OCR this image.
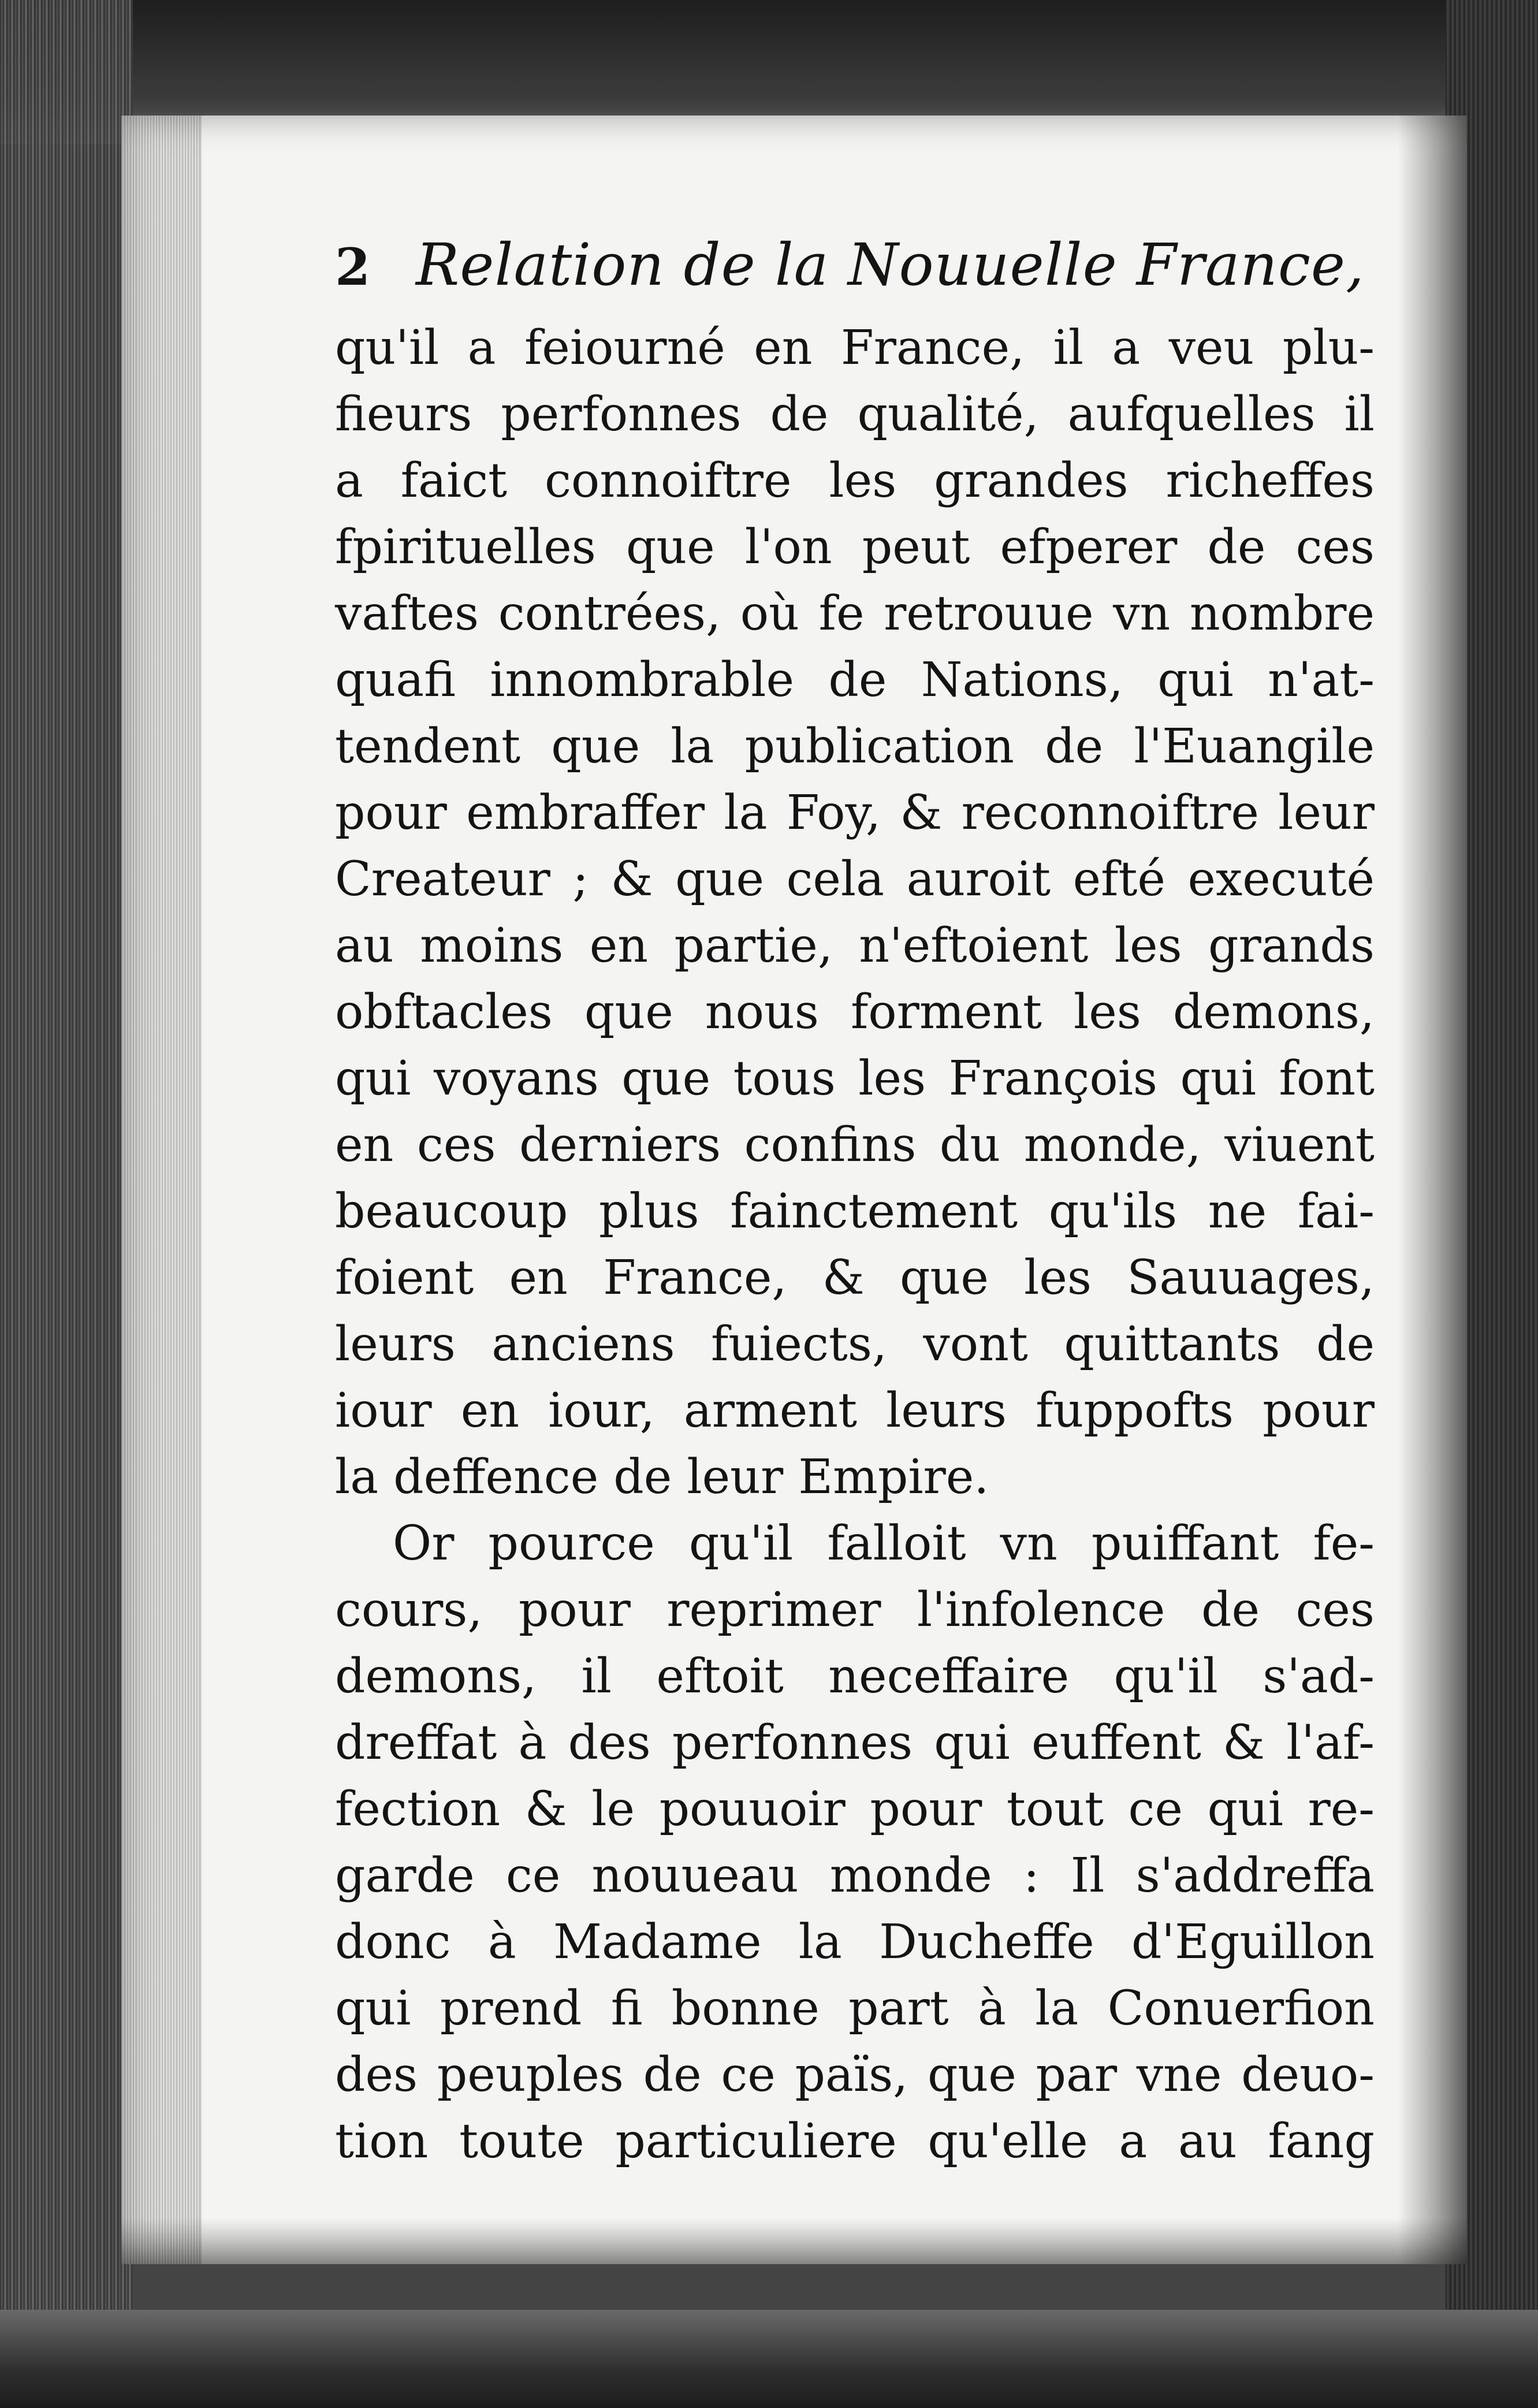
2 Relation de la Nouuelle France,
qu'il a feiourné en France, il a veu plu-
fieurs perfonnes de qualité, aufquelles il
a faict connoiftre les grandes richeffes
fpirituelles que l'on peut efperer de ces
vaftes contrées, où fe retrouue vn nombre
quafi innombrable de Nations, qui n'at-
tendent que la publication de l'Euangile
pour embraffer la Foy, & reconnoiftre leur
Createur ; & que cela auroit efté executé
au moins en partie, n'eftoient les grands
obftacles que nous forment les demons,
qui voyans que tous les François qui font
en ces derniers confins du monde, viuent
beaucoup plus fainctement qu'ils ne fai-
foient en France, & que les Sauuages,
leurs anciens fuiects, vont quittants de
iour en iour, arment leurs fuppofts pour
la deffence de leur Empire.
Or pource qu'il falloit vn puiffant fe-
cours, pour reprimer l'infolence de ces
demons, il eftoit neceffaire qu'il s'ad-
dreffat à des perfonnes qui euffent & l'af-
fection & le pouuoir pour tout ce qui re-
garde ce nouueau monde : Il s'addreffa
donc à Madame la Ducheffe d'Eguillon
qui prend fi bonne part à la Conuerfion
des peuples de ce païs, que par vne deuo-
tion toute particuliere qu'elle a au fang
